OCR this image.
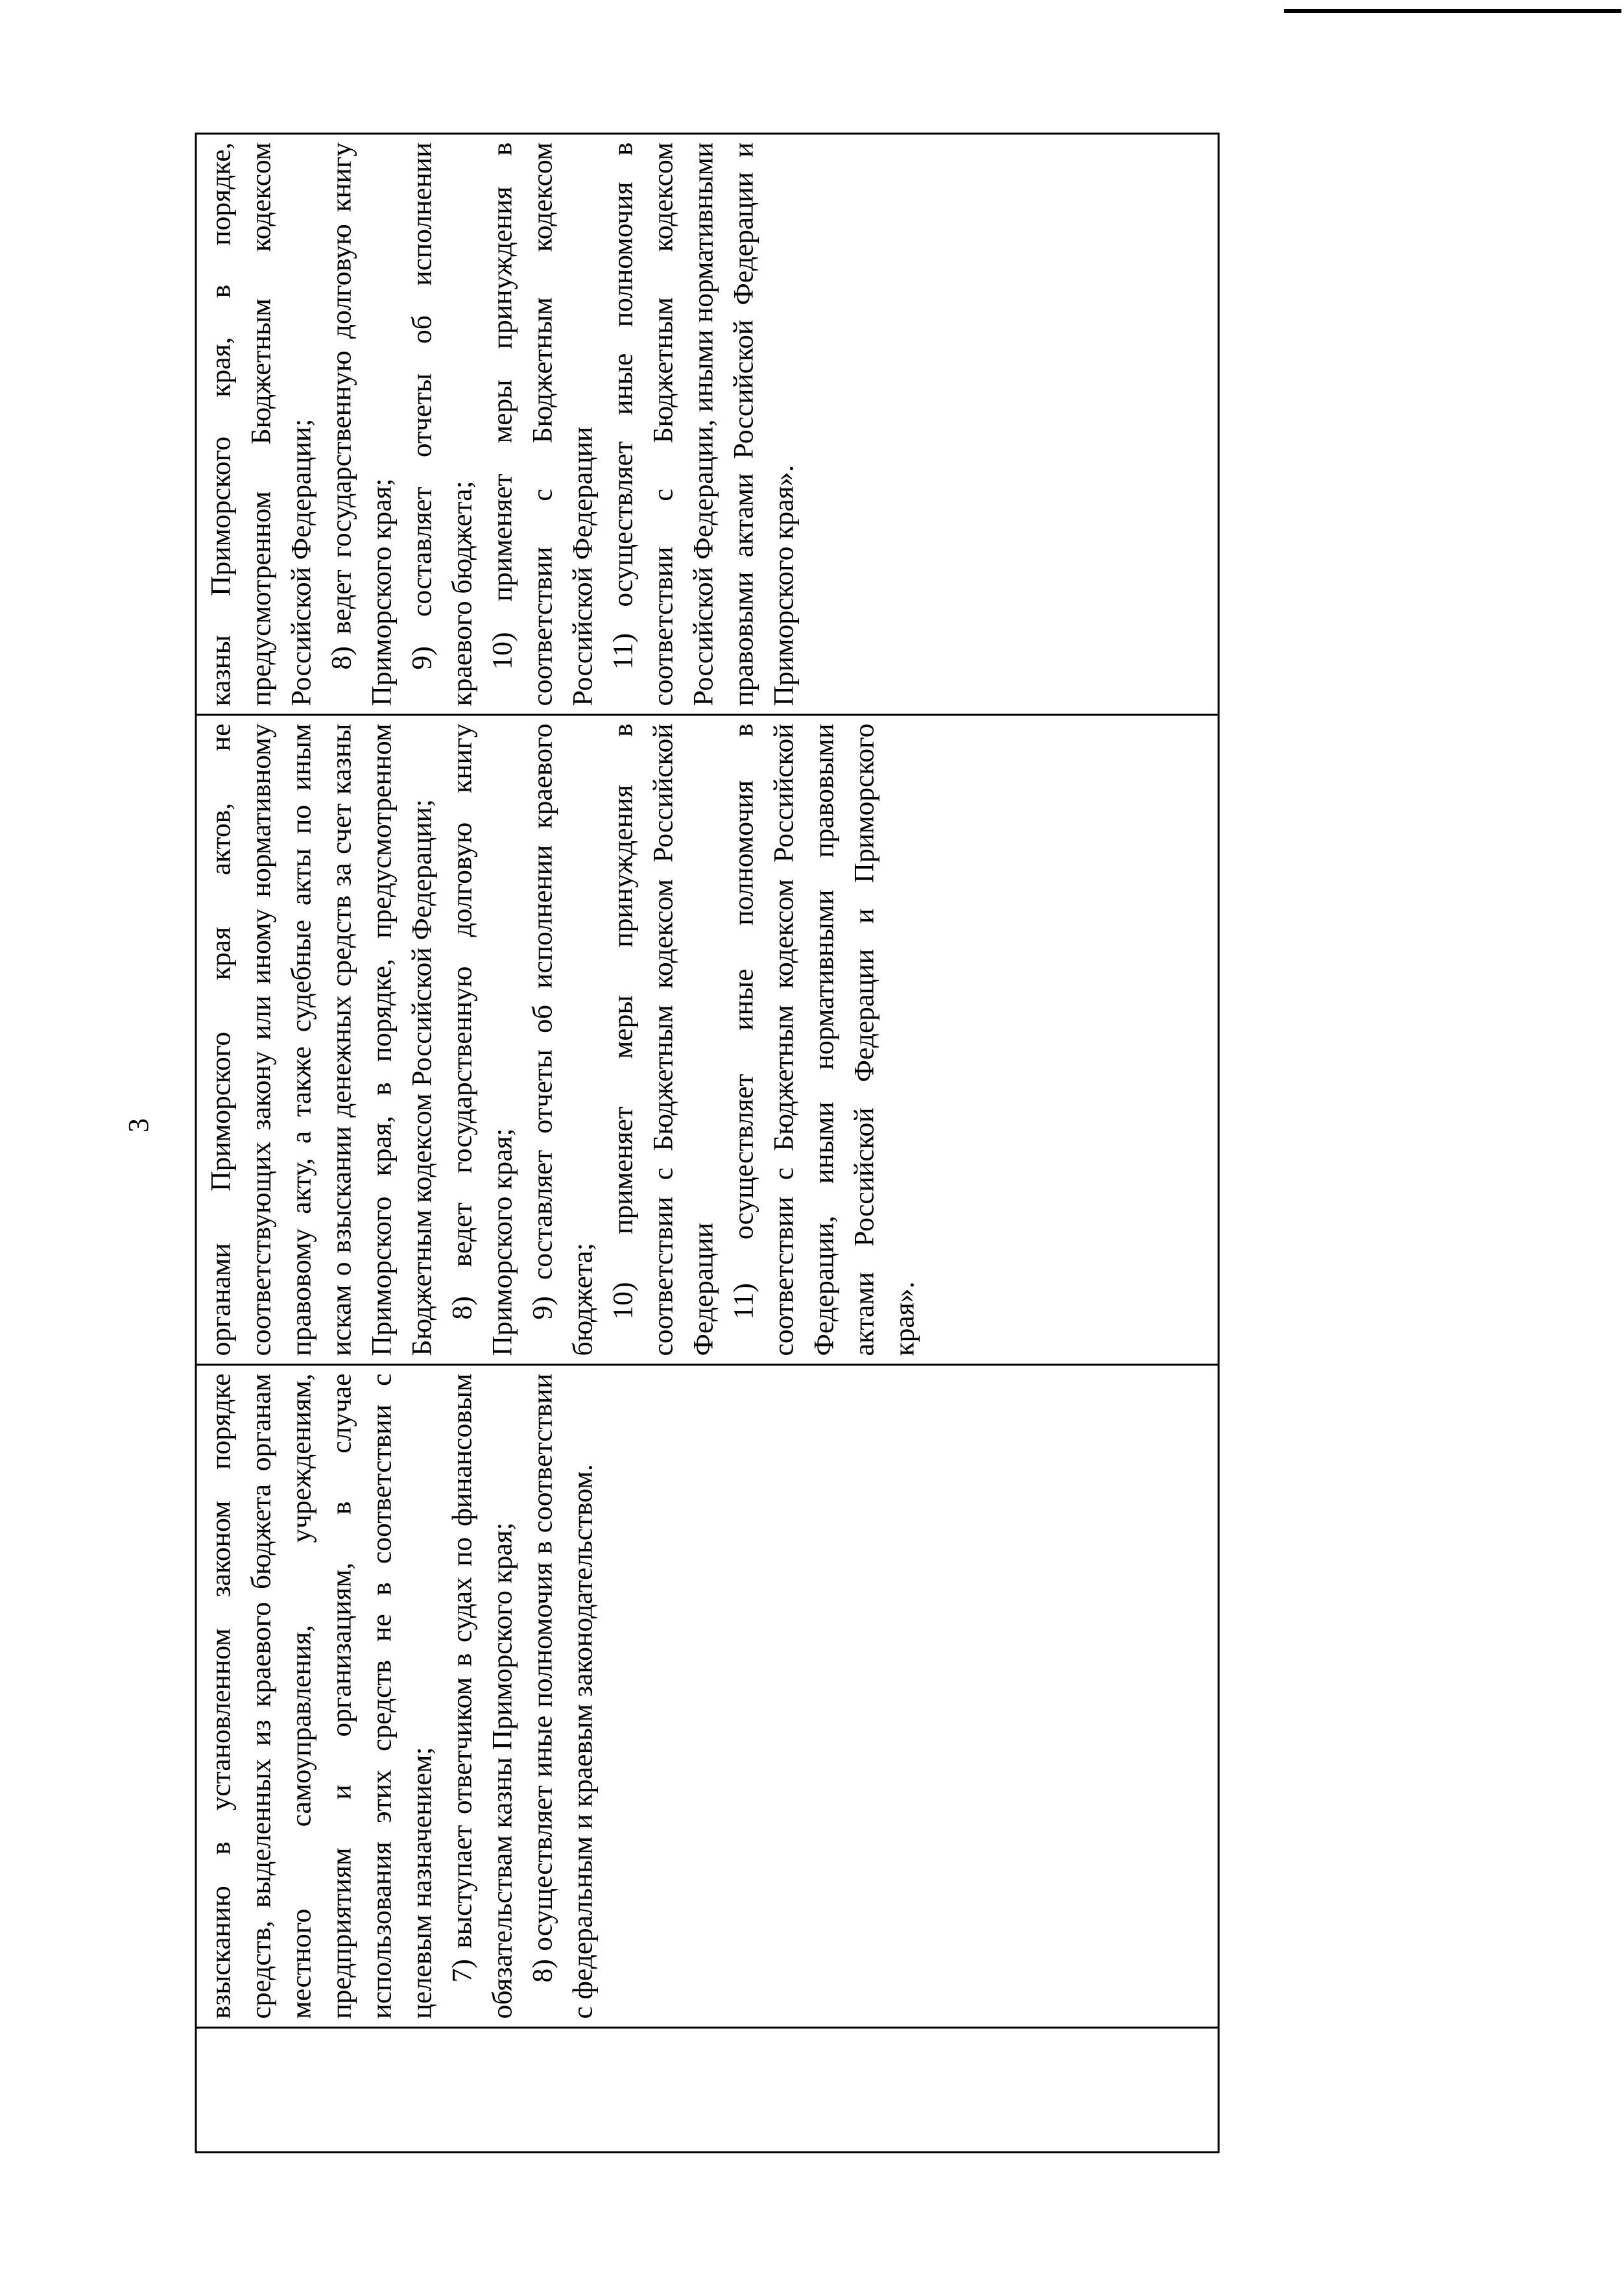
3

взысканию в установленном законом порядке средств, выделенных из краевого бюджета органам местного самоуправления, учреждениям, предприятиям и организациям, в случае использования этих средств не в соответствии с целевым назначением; 7) выступает ответчиком в судах по финансовым обязательствам казны Приморского края; 8) осуществляет иные полномочия в соответствии с федеральным и краевым законодательством.

органами Приморского края актов, не соответствующих закону или иному нормативному правовому акту, а также судебные акты по иным искам о взыскании денежных средств за счет казны Приморского края, в порядке, предусмотренном Бюджетным кодексом Российской Федерации; 8) ведет государственную долговую книгу Приморского края; 9) составляет отчеты об исполнении краевого бюджета; 10) применяет меры принуждения в соответствии с Бюджетным кодексом Российской Федерации 11) осуществляет иные полномочия в соответствии с Бюджетным кодексом Российской Федерации, иными нормативными правовыми актами Российской Федерации и Приморского края».

казны Приморского края, в порядке, предусмотренном Бюджетным кодексом Российской Федерации; 8) ведет государственную долговую книгу Приморского края; 9) составляет отчеты об исполнении краевого бюджета; 10) применяет меры принуждения в соответствии с Бюджетным кодексом Российской Федерации 11) осуществляет иные полномочия в соответствии с Бюджетным кодексом Российской Федерации, иными нормативными правовыми актами Российской Федерации и Приморского края».
